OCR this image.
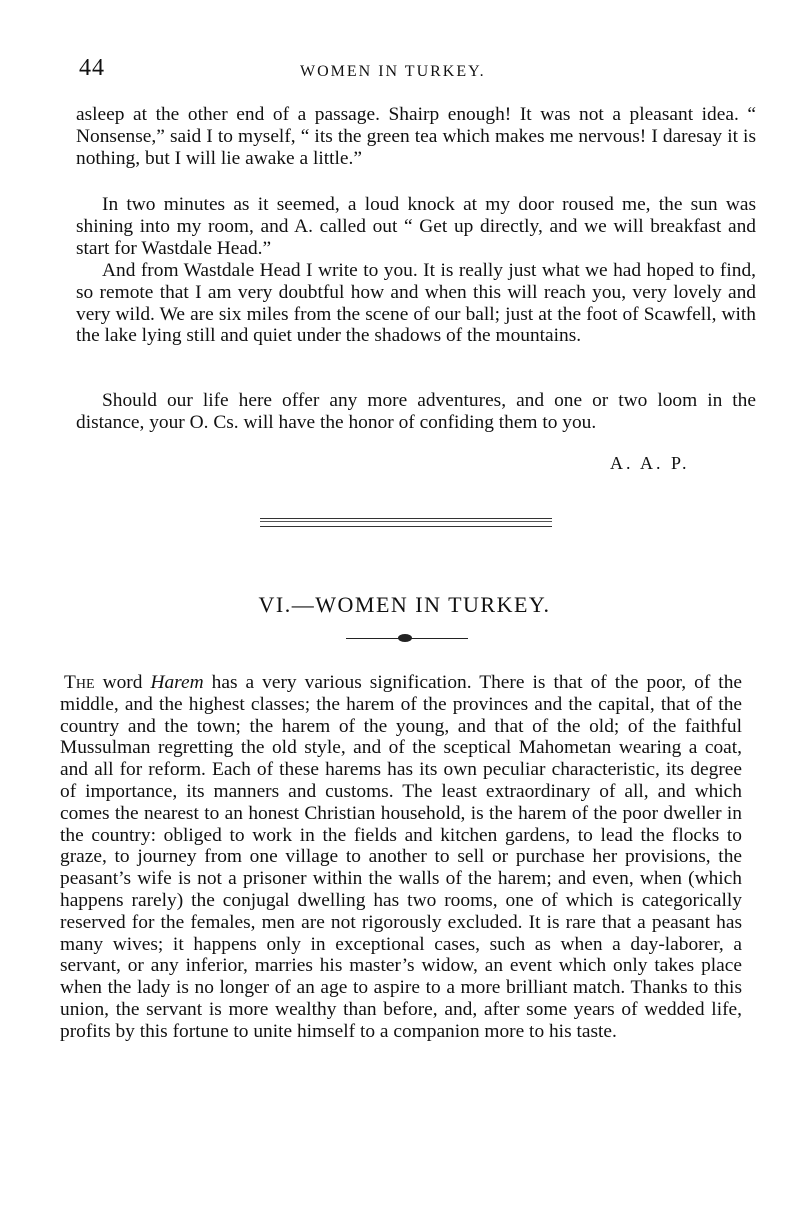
44	WOMEN IN TURKEY.

asleep at the other end of a passage. Shairp enough! It was not a pleasant idea. “ Nonsense,” said I to myself, “ its the green tea which makes me nervous! I daresay it is nothing, but I will lie awake a little.”

In two minutes as it seemed, a loud knock at my door roused me, the sun was shining into my room, and A. called out “ Get up directly, and we will breakfast and start for Wastdale Head.”

And from Wastdale Head I write to you. It is really just what we had hoped to find, so remote that I am very doubtful how and when this will reach you, very lovely and very wild. We are six miles from the scene of our ball; just at the foot of Scawfell, with the lake lying still and quiet under the shadows of the mountains.

Should our life here offer any more adventures, and one or two loom in the distance, your O. Cs. will have the honor of confiding them to you.

A. A. P.
VI.—WOMEN IN TURKEY.

The word Harem has a very various signification. There is that of the poor, of the middle, and the highest classes; the harem of the provinces and the capital, that of the country and the town; the harem of the young, and that of the old; of the faithful Mussulman regretting the old style, and of the sceptical Mahometan wearing a coat, and all for reform. Each of these harems has its own peculiar characteristic, its degree of importance, its manners and customs. The least extraordinary of all, and which comes the nearest to an honest Christian household, is the harem of the poor dweller in the country: obliged to work in the fields and kitchen gardens, to lead the flocks to graze, to journey from one village to another to sell or purchase her provisions, the peasant’s wife is not a prisoner within the walls of the harem; and even, when (which happens rarely) the conjugal dwelling has two rooms, one of which is categorically reserved for the females, men are not rigorously excluded. It is rare that a peasant has many wives; it happens only in exceptional cases, such as when a day-laborer, a servant, or any inferior, marries his master’s widow, an event which only takes place when the lady is no longer of an age to aspire to a more brilliant match. Thanks to this union, the servant is more wealthy than before, and, after some years of wedded life, profits by this fortune to unite himself to a companion more to his taste.
